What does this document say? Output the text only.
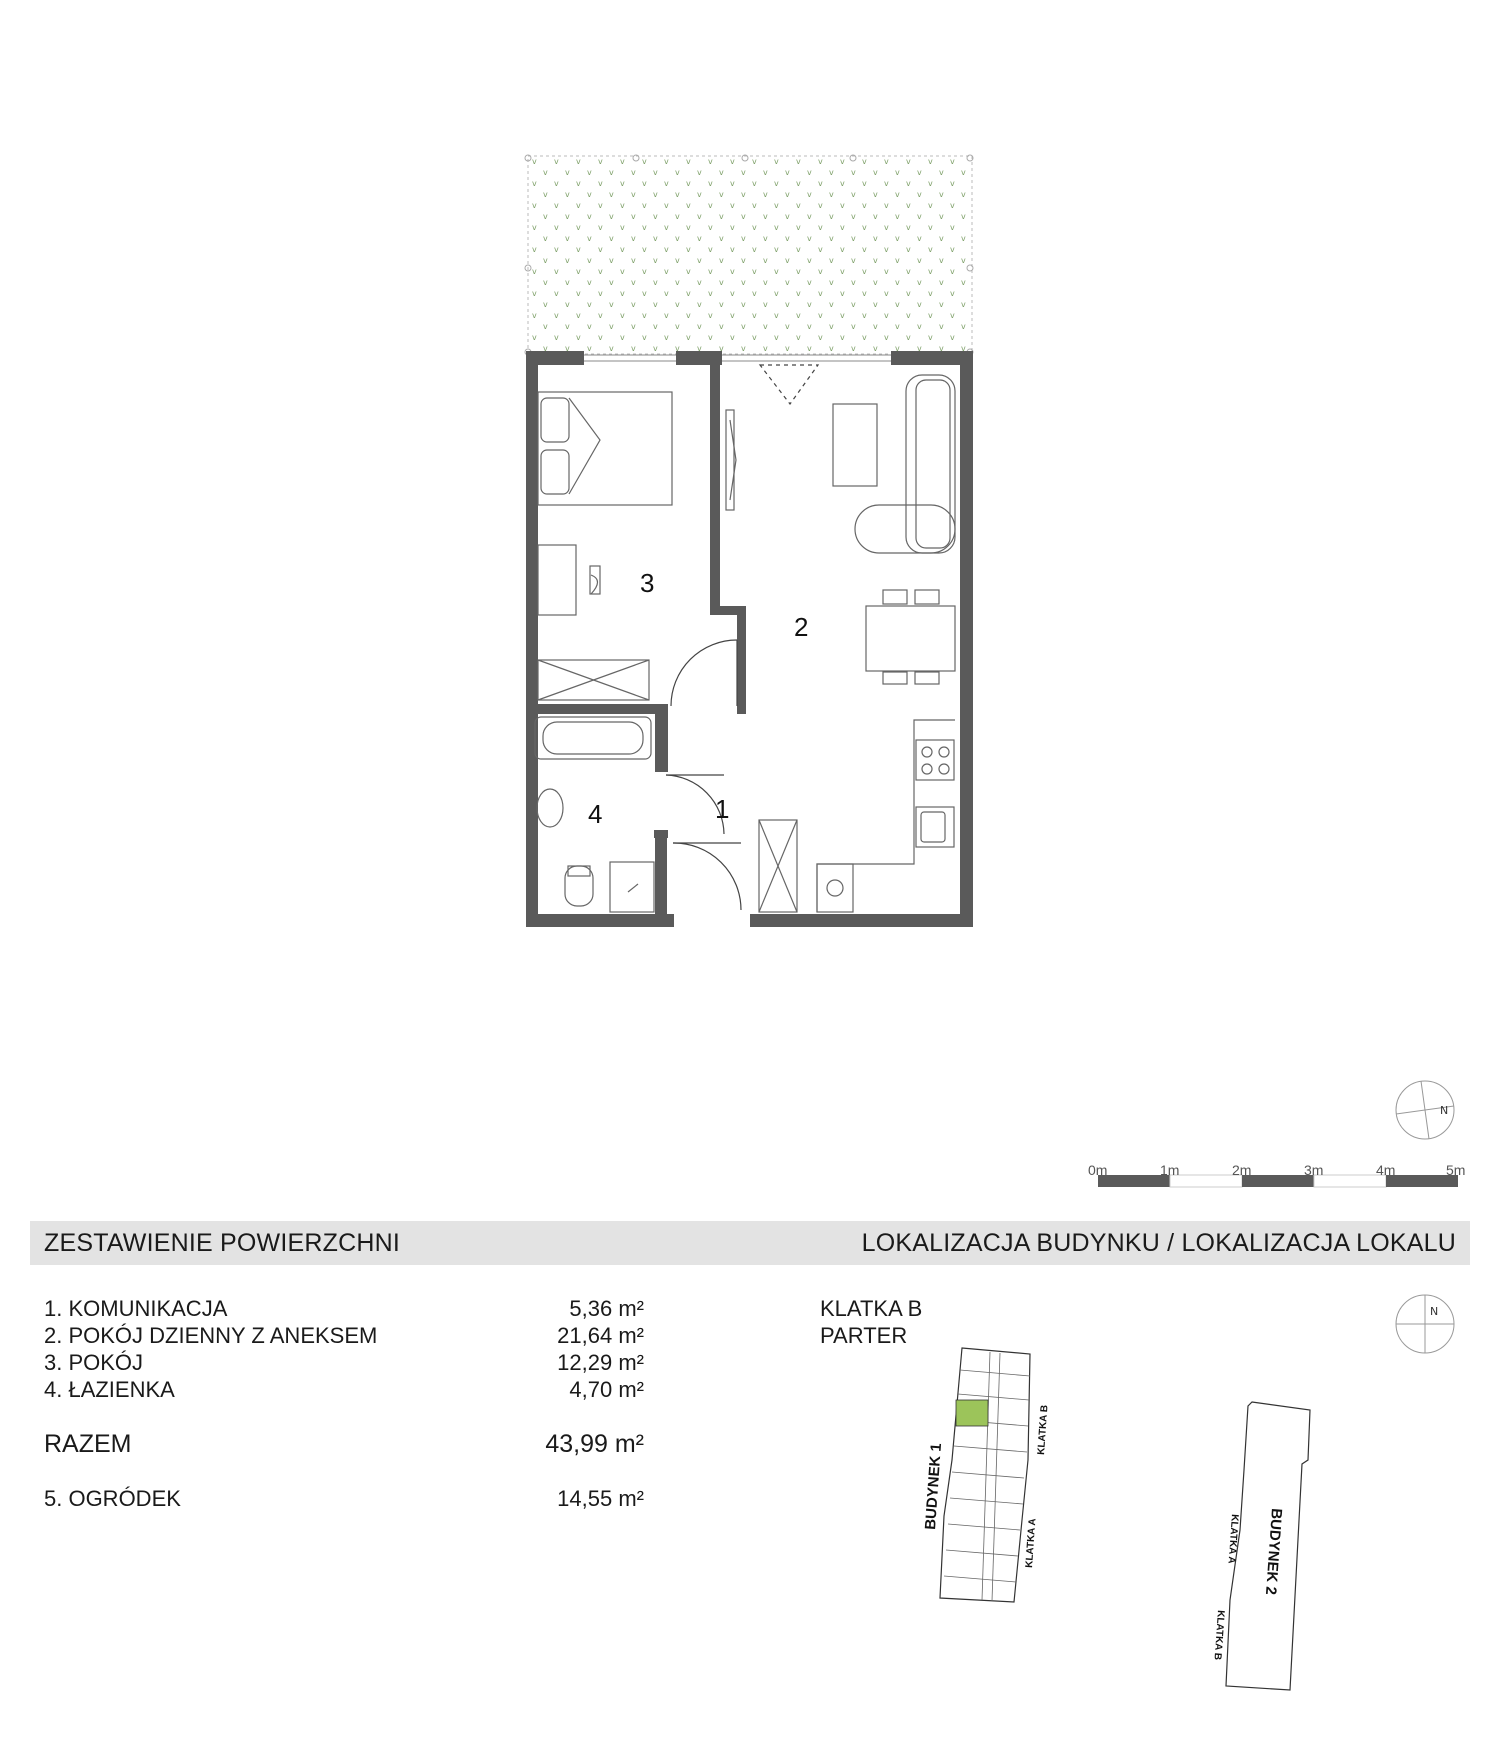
1
2
3
4
N
N
BUDYNEK 1
KLATKA B
KLATKA A	BUDYNEK 2
KLATKA A
KLATKA B
0m	1m	2m	3m	4m	5m
ZESTAWIENIE POWIERZCHNI	LOKALIZACJA BUDYNKU / LOKALIZACJA LOKALU
1. KOMUNIKACJA	5,36 m²
2. POKÓJ DZIENNY Z ANEKSEM	21,64 m²
3. POKÓJ	12,29 m²
4. ŁAZIENKA	4,70 m²
RAZEM	43,99 m²
5. OGRÓDEK	14,55 m²
KLATKA B
PARTER
